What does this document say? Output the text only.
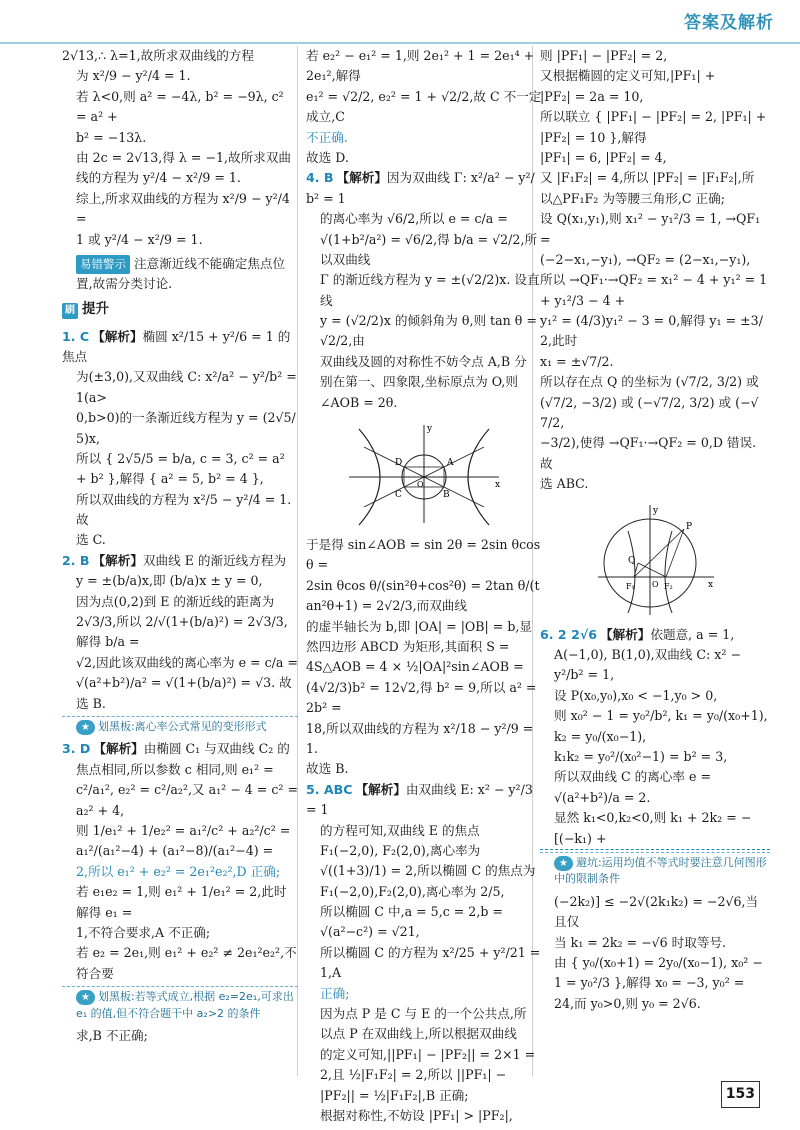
答案及解析
2√13,∴ λ=1,故所求双曲线的方程
为 x²/9 − y²/4 = 1.
若 λ<0,则 a² = −4λ, b² = −9λ, c² = a² +
b² = −13λ.
由 2c = 2√13,得 λ = −1,故所求双曲
线的方程为 y²/4 − x²/9 = 1.
综上,所求双曲线的方程为 x²/9 − y²/4 =
1 或 y²/4 − x²/9 = 1.
易错警示 注意渐近线不能确定焦点位置,故需分类讨论.
刷 提升
1. C 【解析】椭圆 x²/15 + y²/6 = 1 的焦点
为(±3,0),又双曲线 C: x²/a² − y²/b² = 1(a>
0,b>0)的一条渐近线方程为 y = (2√5/5)x,
所以 { 2√5/5 = b/a, c = 3, c² = a² + b² },解得 { a² = 5, b² = 4 },
所以双曲线的方程为 x²/5 − y²/4 = 1. 故
选 C.
2. B 【解析】双曲线 E 的渐近线方程为
y = ±(b/a)x,即 (b/a)x ± y = 0,
因为点(0,2)到 E 的渐近线的距离为
2√3/3,所以 2/√(1+(b/a)²) = 2√3/3,解得 b/a =
√2,因此该双曲线的离心率为 e = c/a =
√(a²+b²)/a² = √(1+(b/a)²) = √3. 故选 B.
★ 划黑板:离心率公式常见的变形形式
3. D 【解析】由椭圆 C₁ 与双曲线 C₂ 的
焦点相同,所以参数 c 相同,则 e₁² =
c²/a₁², e₂² = c²/a₂²,又 a₁² − 4 = c² = a₂² + 4,
则 1/e₁² + 1/e₂² = a₁²/c² + a₂²/c² = a₁²/(a₁²−4) + (a₁²−8)/(a₁²−4) =
2,所以 e₁² + e₂² = 2e₁²e₂²,D 正确;
若 e₁e₂ = 1,则 e₁² + 1/e₁² = 2,此时解得 e₁ =
1,不符合要求,A 不正确;
若 e₂ = 2e₁,则 e₁² + e₂² ≠ 2e₁²e₂²,不符合要
★ 划黑板:若等式成立,根据 e₂=2e₁,可求出 e₁ 的值,但不符合题干中 a₂>2 的条件
求,B 不正确;
若 e₂² − e₁² = 1,则 2e₁² + 1 = 2e₁⁴ + 2e₁²,解得
e₁² = √2/2, e₂² = 1 + √2/2,故 C 不一定成立,C
不正确.
故选 D.
4. B 【解析】因为双曲线 Γ: x²/a² − y²/b² = 1
的离心率为 √6/2,所以 e = c/a =
√(1+b²/a²) = √6/2,得 b/a = √2/2,所以双曲线
Γ 的渐近线方程为 y = ±(√2/2)x. 设直线
y = (√2/2)x 的倾斜角为 θ,则 tan θ = √2/2,由
双曲线及圆的对称性不妨令点 A,B 分
别在第一、四象限,坐标原点为 O,则
∠AOB = 2θ.
y
x
O
A
B
C
D
于是得 sin∠AOB = sin 2θ = 2sin θcos θ =
2sin θcos θ/(sin²θ+cos²θ) = 2tan θ/(tan²θ+1) = 2√2/3,而双曲线
的虚半轴长为 b,即 |OA| = |OB| = b,显
然四边形 ABCD 为矩形,其面积 S =
4S△AOB = 4 × ½|OA|²sin∠AOB =
(4√2/3)b² = 12√2,得 b² = 9,所以 a² = 2b² =
18,所以双曲线的方程为 x²/18 − y²/9 = 1.
故选 B.
5. ABC 【解析】由双曲线 E: x² − y²/3 = 1
的方程可知,双曲线 E 的焦点
F₁(−2,0), F₂(2,0),离心率为
√((1+3)/1) = 2,所以椭圆 C 的焦点为
F₁(−2,0),F₂(2,0),离心率为 2/5,
所以椭圆 C 中,a = 5,c = 2,b =
√(a²−c²) = √21,
所以椭圆 C 的方程为 x²/25 + y²/21 = 1,A
正确;
因为点 P 是 C 与 E 的一个公共点,所
以点 P 在双曲线上,所以根据双曲线
的定义可知,||PF₁| − |PF₂|| = 2×1 =
2,且 ½|F₁F₂| = 2,所以 ||PF₁| −
|PF₂|| = ½|F₁F₂|,B 正确;
根据对称性,不妨设 |PF₁| > |PF₂|,
则 |PF₁| − |PF₂| = 2,
又根据椭圆的定义可知,|PF₁| +
|PF₂| = 2a = 10,
所以联立 { |PF₁| − |PF₂| = 2, |PF₁| + |PF₂| = 10 },解得
|PF₁| = 6, |PF₂| = 4,
又 |F₁F₂| = 4,所以 |PF₂| = |F₁F₂|,所
以△PF₁F₂ 为等腰三角形,C 正确;
设 Q(x₁,y₁),则 x₁² − y₁²/3 = 1, →QF₁ =
(−2−x₁,−y₁), →QF₂ = (2−x₁,−y₁),
所以 →QF₁·→QF₂ = x₁² − 4 + y₁² = 1 + y₁²/3 − 4 +
y₁² = (4/3)y₁² − 3 = 0,解得 y₁ = ±3/2,此时
x₁ = ±√7/2.
所以存在点 Q 的坐标为 (√7/2, 3/2) 或
(√7/2, −3/2) 或 (−√7/2, 3/2) 或 (−√7/2,
−3/2),使得 →QF₁·→QF₂ = 0,D 错误. 故
选 ABC.
y
x
P
Q
O
F₁	F₂
6. 2 2√6 【解析】依题意, a = 1,
A(−1,0), B(1,0),双曲线 C: x² −
y²/b² = 1,
设 P(x₀,y₀),x₀ < −1,y₀ > 0,
则 x₀² − 1 = y₀²/b², k₁ = y₀/(x₀+1), k₂ = y₀/(x₀−1),
k₁k₂ = y₀²/(x₀²−1) = b² = 3,
所以双曲线 C 的离心率 e =
√(a²+b²)/a = 2.
显然 k₁<0,k₂<0,则 k₁ + 2k₂ = −[(−k₁) +
★ 避坑:运用均值不等式时要注意几何图形中的限制条件
(−2k₂)] ≤ −2√(2k₁k₂) = −2√6,当且仅
当 k₁ = 2k₂ = −√6 时取等号.
由 { y₀/(x₀+1) = 2y₀/(x₀−1), x₀² − 1 = y₀²/3 },解得 x₀ = −3, y₀² =
24,而 y₀>0,则 y₀ = 2√6.
153
